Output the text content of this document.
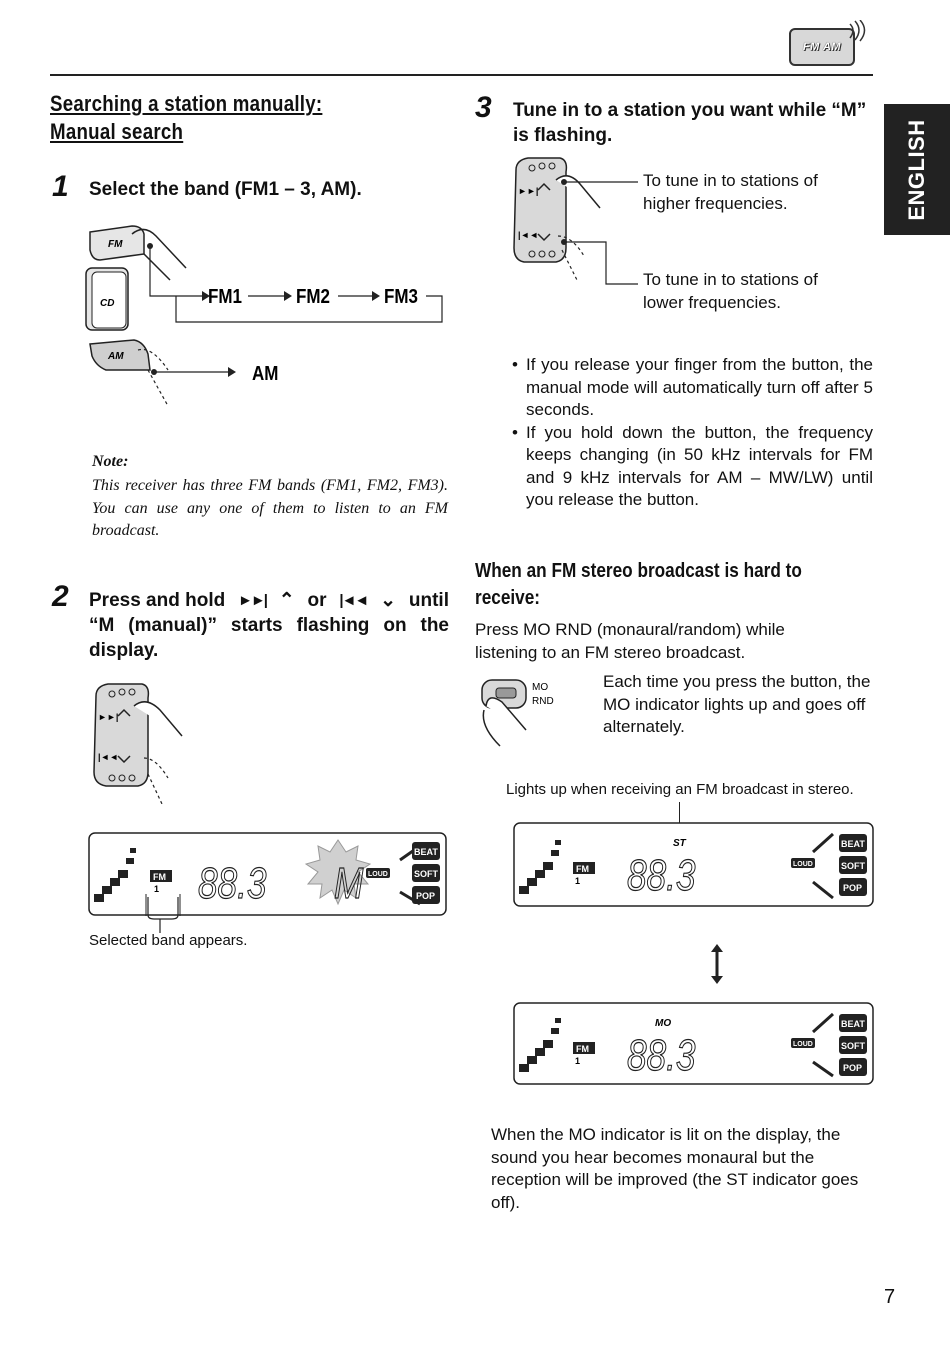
FM AM
ENGLISH
Searching a station manually:
Manual search
1 Select the band (FM1 – 3, AM).
FM
CD
AM
FM1	FM2	FM3
AM
Note:
This receiver has three FM bands (FM1, FM2, FM3). You can use any one of them to listen to an FM broadcast.
2 Press and hold ►►| ⌃ or |◄◄ ⌄ until
“M (manual)” starts flashing on the display.
►►|
|◄◄
FM
1 88.3 M LOUD
BEAT
SOFT
POP
Selected band appears.
3 Tune in to a station you want while “M” is flashing.
►►|
|◄◄
To tune in to stations of higher frequencies.
To tune in to stations of lower frequencies.
• If you release your finger from the button, the manual mode will automatically turn off after 5 seconds.
• If you hold down the button, the frequency keeps changing (in 50 kHz intervals for FM and 9 kHz intervals for AM – MW/LW) until you release the button.
When an FM stereo broadcast is hard to receive:
Press MO RND (monaural/random) while listening to an FM stereo broadcast.
MO
RND
Each time you press the button, the MO indicator lights up and goes off alternately.
Lights up when receiving an FM broadcast in stereo.
ST
FM
1 88.3	LOUD
BEAT
SOFT
POP
MO
FM
1 88.3	LOUD
BEAT
SOFT
POP
When the MO indicator is lit on the display, the sound you hear becomes monaural but the reception will be improved (the ST indicator goes off).
7
